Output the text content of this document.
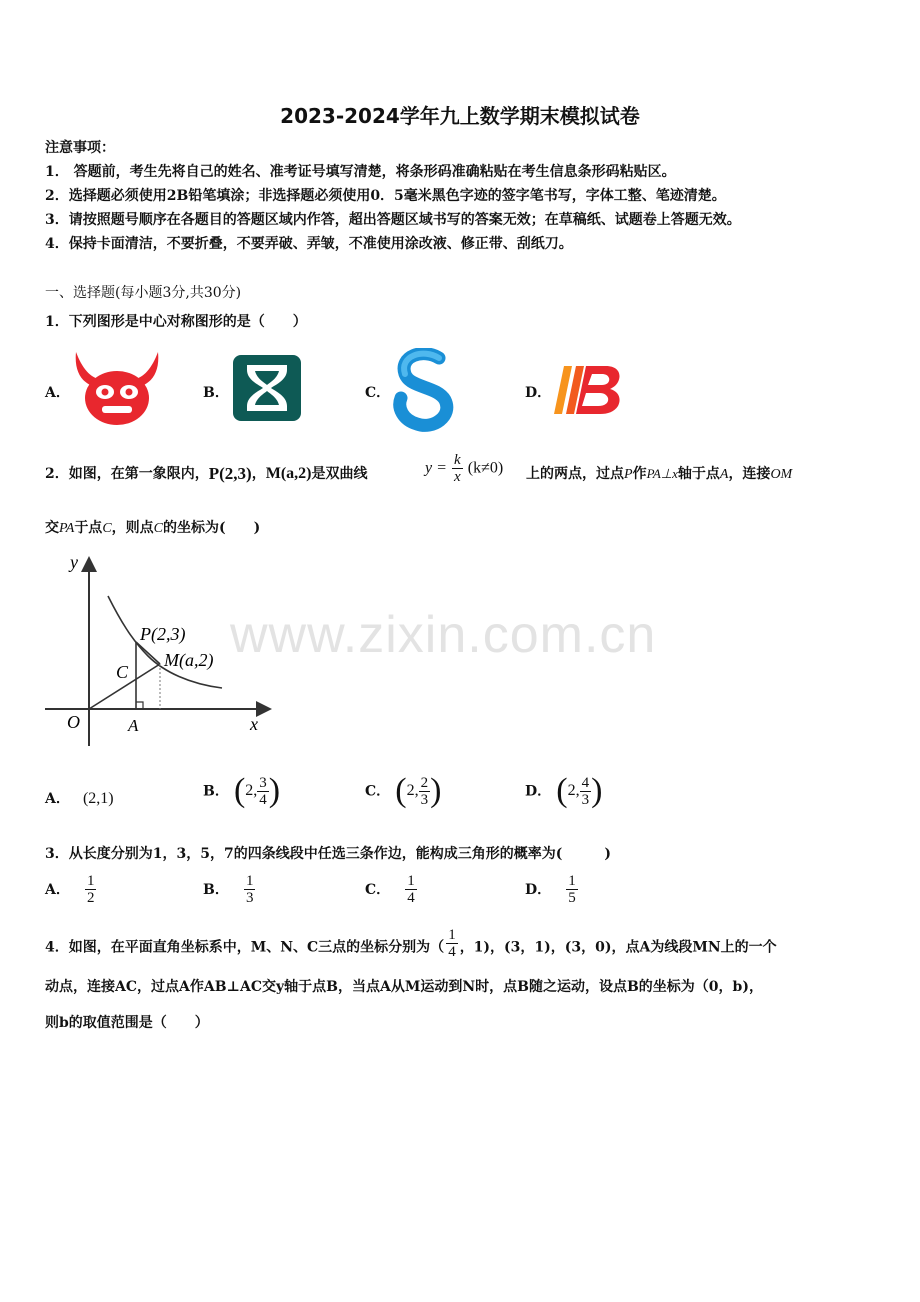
2023-2024学年九上数学期末模拟试卷
注意事项：
1． 答题前，考生先将自己的姓名、准考证号填写清楚，将条形码准确粘贴在考生信息条形码粘贴区。
2．选择题必须使用2B铅笔填涂；非选择题必须使用0．5毫米黑色字迹的签字笔书写，字体工整、笔迹清楚。
3．请按照题号顺序在各题目的答题区域内作答，超出答题区域书写的答案无效；在草稿纸、试题卷上答题无效。
4．保持卡面清洁，不要折叠，不要弄破、弄皱，不准使用涂改液、修正带、刮纸刀。
一、选择题(每小题3分,共30分)
1．下列图形是中心对称图形的是（　　）
A．	B．	C．	D．
2．如图，在第一象限内，P(2,3)，M(a,2)是双曲线	$y = \frac{k}{x} (k\ne 0)$ 上的两点，过点P作PA⊥x轴于点A，连接OM
交PA于点C，则点C的坐标为(　　)
y
x
O	A
C
P(2,3)
M(a,2) www.zixin.com.cn
A． (2,1)	B． (2, $\frac{3}{4}$ )	C． (2, $\frac{2}{3}$ )	D． (2, $\frac{4}{3}$ )
3．从长度分别为1，3，5，7的四条线段中任选三条作边，能构成三角形的概率为(　　　)
A． $\frac{1}{2}$	B． $\frac{1}{3}$	C． $\frac{1}{4}$	D． $\frac{1}{5}$
4．如图，在平面直角坐标系中，M、N、C三点的坐标分别为（ $\frac{1}{4}$ ，1)，(3，1)，(3，0)，点A为线段MN上的一个
动点，连接AC，过点A作AB⊥AC交y轴于点B，当点A从M运动到N时，点B随之运动，设点B的坐标为（0，b)，
则b的取值范围是（　　）
